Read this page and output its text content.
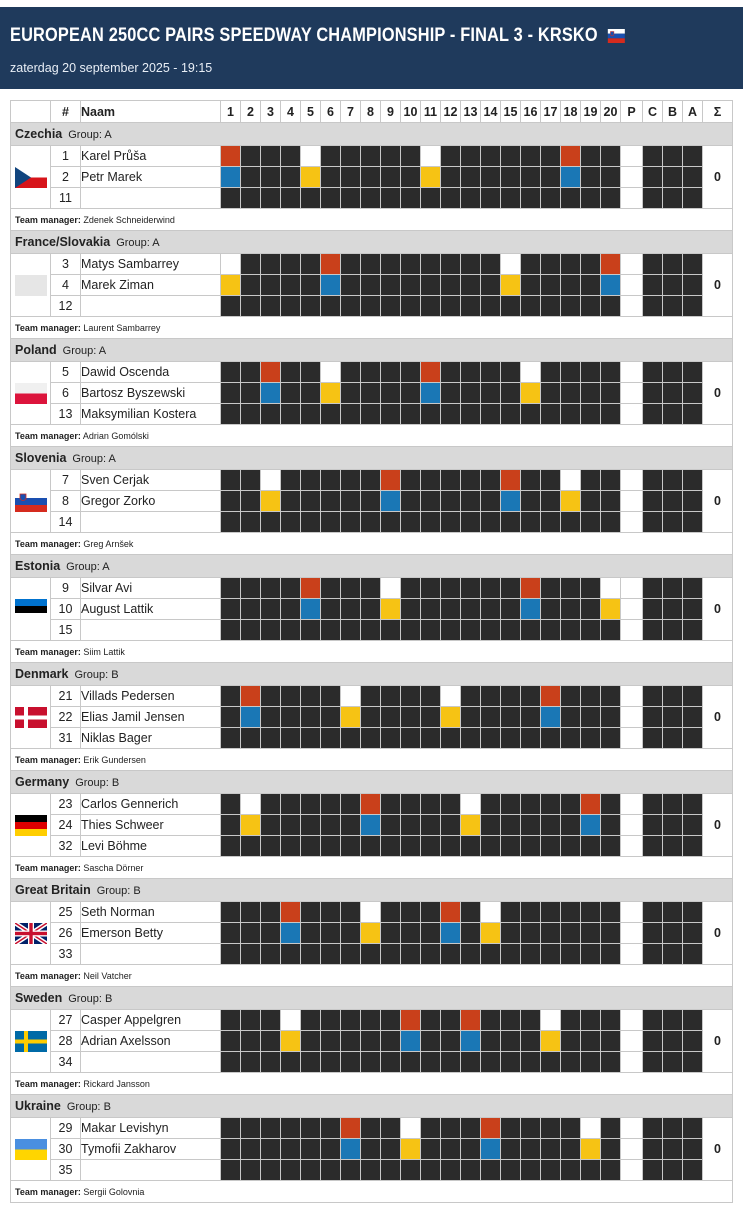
EUROPEAN 250CC PAIRS SPEEDWAY CHAMPIONSHIP - FINAL 3 - KRSKO
zaterdag 20 september 2025 - 19:15
	#	Naam	1	2	3	4	5	6	7	8	9	10	11	12	13	14	15	16	17	18	19	20	P	C	B	A	Σ
Czechia Group: A																											

	1	Karel Průša																									0
	2	Petr Marek																									
	11																										
Team manager: Zdenek Schneiderwind																											
France/Slovakia Group: A																											

	3	Matys Sambarrey																									0
	4	Marek Ziman																									
	12																										
Team manager: Laurent Sambarrey																											
Poland Group: A																											

	5	Dawid Oscenda																									0
	6	Bartosz Byszewski																									
	13	Maksymilian Kostera																									
Team manager: Adrian Gomólski																											
Slovenia Group: A																											

	7	Sven Cerjak																									0
	8	Gregor Zorko																									
	14																										
Team manager: Greg Arnšek																											
Estonia Group: A																											

	9	Silvar Avi																									0
	10	August Lattik																									
	15																										
Team manager: Siim Lattik																											
Denmark Group: B																											

	21	Villads Pedersen																									0
	22	Elias Jamil Jensen																									
	31	Niklas Bager																									
Team manager: Erik Gundersen																											
Germany Group: B																											

	23	Carlos Gennerich																									0
	24	Thies Schweer																									
	32	Levi Böhme																									
Team manager: Sascha Dörner																											
Great Britain Group: B																											

	25	Seth Norman																									0
	26	Emerson Betty																									
	33																										
Team manager: Neil Vatcher																											
Sweden Group: B																											

	27	Casper Appelgren																									0
	28	Adrian Axelsson																									
	34																										
Team manager: Rickard Jansson																											
Ukraine Group: B																											

	29	Makar Levishyn																									0
	30	Tymofii Zakharov																									
	35																										
Team manager: Sergii Golovnia																											
